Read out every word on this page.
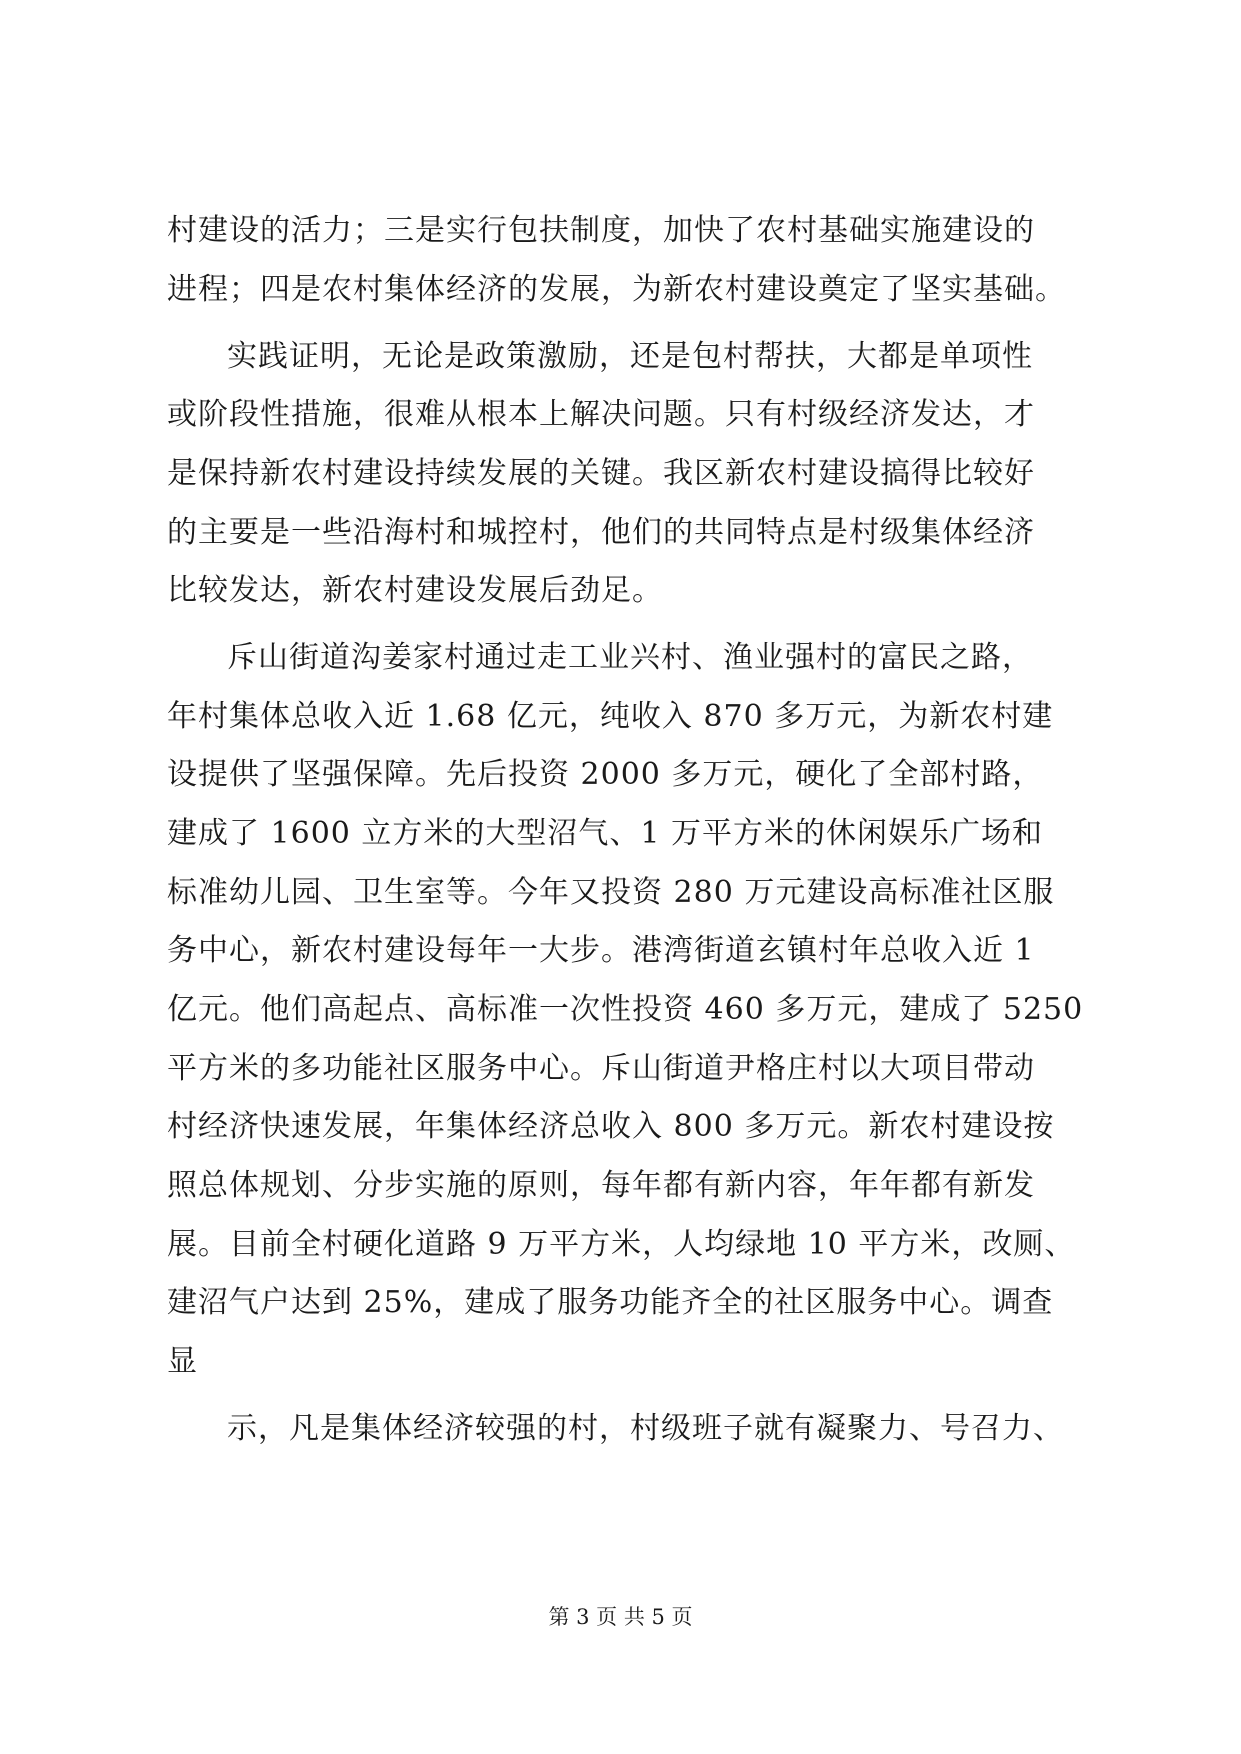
村建设的活力；三是实行包扶制度，加快了农村基础实施建设的
进程；四是农村集体经济的发展，为新农村建设奠定了坚实基础。
实践证明，无论是政策激励，还是包村帮扶，大都是单项性
或阶段性措施，很难从根本上解决问题。只有村级经济发达，才
是保持新农村建设持续发展的关键。我区新农村建设搞得比较好
的主要是一些沿海村和城控村，他们的共同特点是村级集体经济
比较发达，新农村建设发展后劲足。
斥山街道沟姜家村通过走工业兴村、渔业强村的富民之路，
年村集体总收入近 1.68 亿元，纯收入 870 多万元，为新农村建
设提供了坚强保障。先后投资 2000 多万元，硬化了全部村路，
建成了 1600 立方米的大型沼气、1 万平方米的休闲娱乐广场和
标准幼儿园、卫生室等。今年又投资 280 万元建设高标准社区服
务中心，新农村建设每年一大步。港湾街道玄镇村年总收入近 1
亿元。他们高起点、高标准一次性投资 460 多万元，建成了 5250
平方米的多功能社区服务中心。斥山街道尹格庄村以大项目带动
村经济快速发展，年集体经济总收入 800 多万元。新农村建设按
照总体规划、分步实施的原则，每年都有新内容，年年都有新发
展。目前全村硬化道路 9 万平方米，人均绿地 10 平方米，改厕、
建沼气户达到 25%，建成了服务功能齐全的社区服务中心。调查
显
示，凡是集体经济较强的村，村级班子就有凝聚力、号召力、
第 3 页 共 5 页
